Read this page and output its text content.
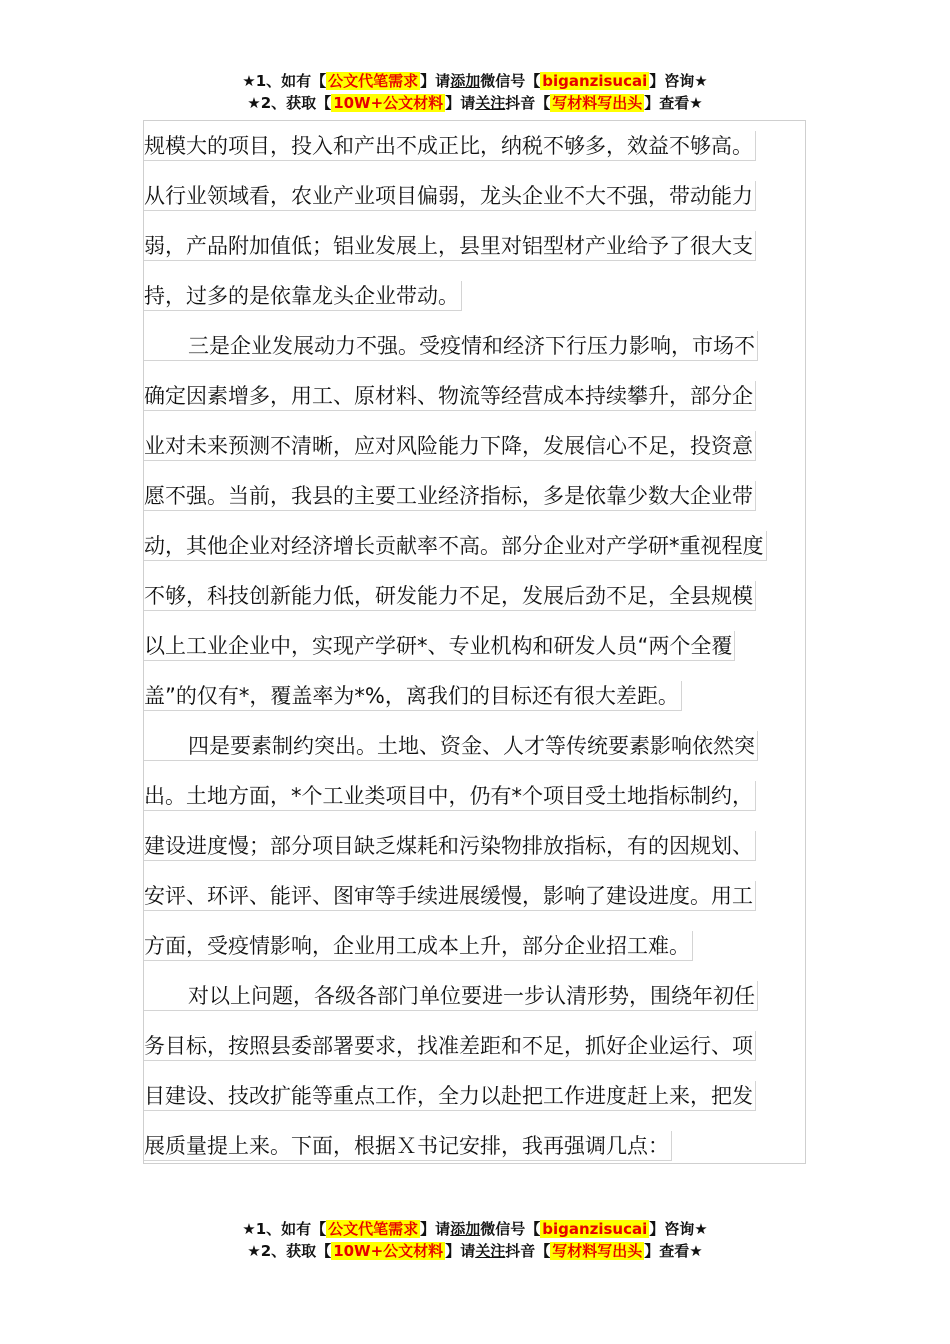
★1、如有【 公文代笔需求 】请添加微信号【 biganzisucai 】咨询★
★2、获取【 10W+公文材料 】请关注抖音【 写材料写出头 】查看★
规模大的项目，投入和产出不成正比，纳税不够多，效益不够高。
从行业领域看，农业产业项目偏弱，龙头企业不大不强，带动能力
弱，产品附加值低；铝业发展上，县里对铝型材产业给予了很大支
持，过多的是依靠龙头企业带动。
三是企业发展动力不强。受疫情和经济下行压力影响，市场不
确定因素增多，用工、原材料、物流等经营成本持续攀升，部分企
业对未来预测不清晰，应对风险能力下降，发展信心不足，投资意
愿不强。当前，我县的主要工业经济指标，多是依靠少数大企业带
动，其他企业对经济增长贡献率不高。部分企业对产学研*重视程度
不够，科技创新能力低，研发能力不足，发展后劲不足，全县规模
以上工业企业中，实现产学研*、专业机构和研发人员“两个全覆
盖”的仅有*，覆盖率为*%，离我们的目标还有很大差距。
四是要素制约突出。土地、资金、人才等传统要素影响依然突
出。土地方面，*个工业类项目中，仍有*个项目受土地指标制约，
建设进度慢；部分项目缺乏煤耗和污染物排放指标，有的因规划、
安评、环评、能评、图审等手续进展缓慢，影响了建设进度。用工
方面，受疫情影响，企业用工成本上升，部分企业招工难。
对以上问题，各级各部门单位要进一步认清形势，围绕年初任
务目标，按照县委部署要求，找准差距和不足，抓好企业运行、项
目建设、技改扩能等重点工作，全力以赴把工作进度赶上来，把发
展质量提上来。下面，根据Ｘ书记安排，我再强调几点：
★1、如有【 公文代笔需求 】请添加微信号【 biganzisucai 】咨询★
★2、获取【 10W+公文材料 】请关注抖音【 写材料写出头 】查看★
